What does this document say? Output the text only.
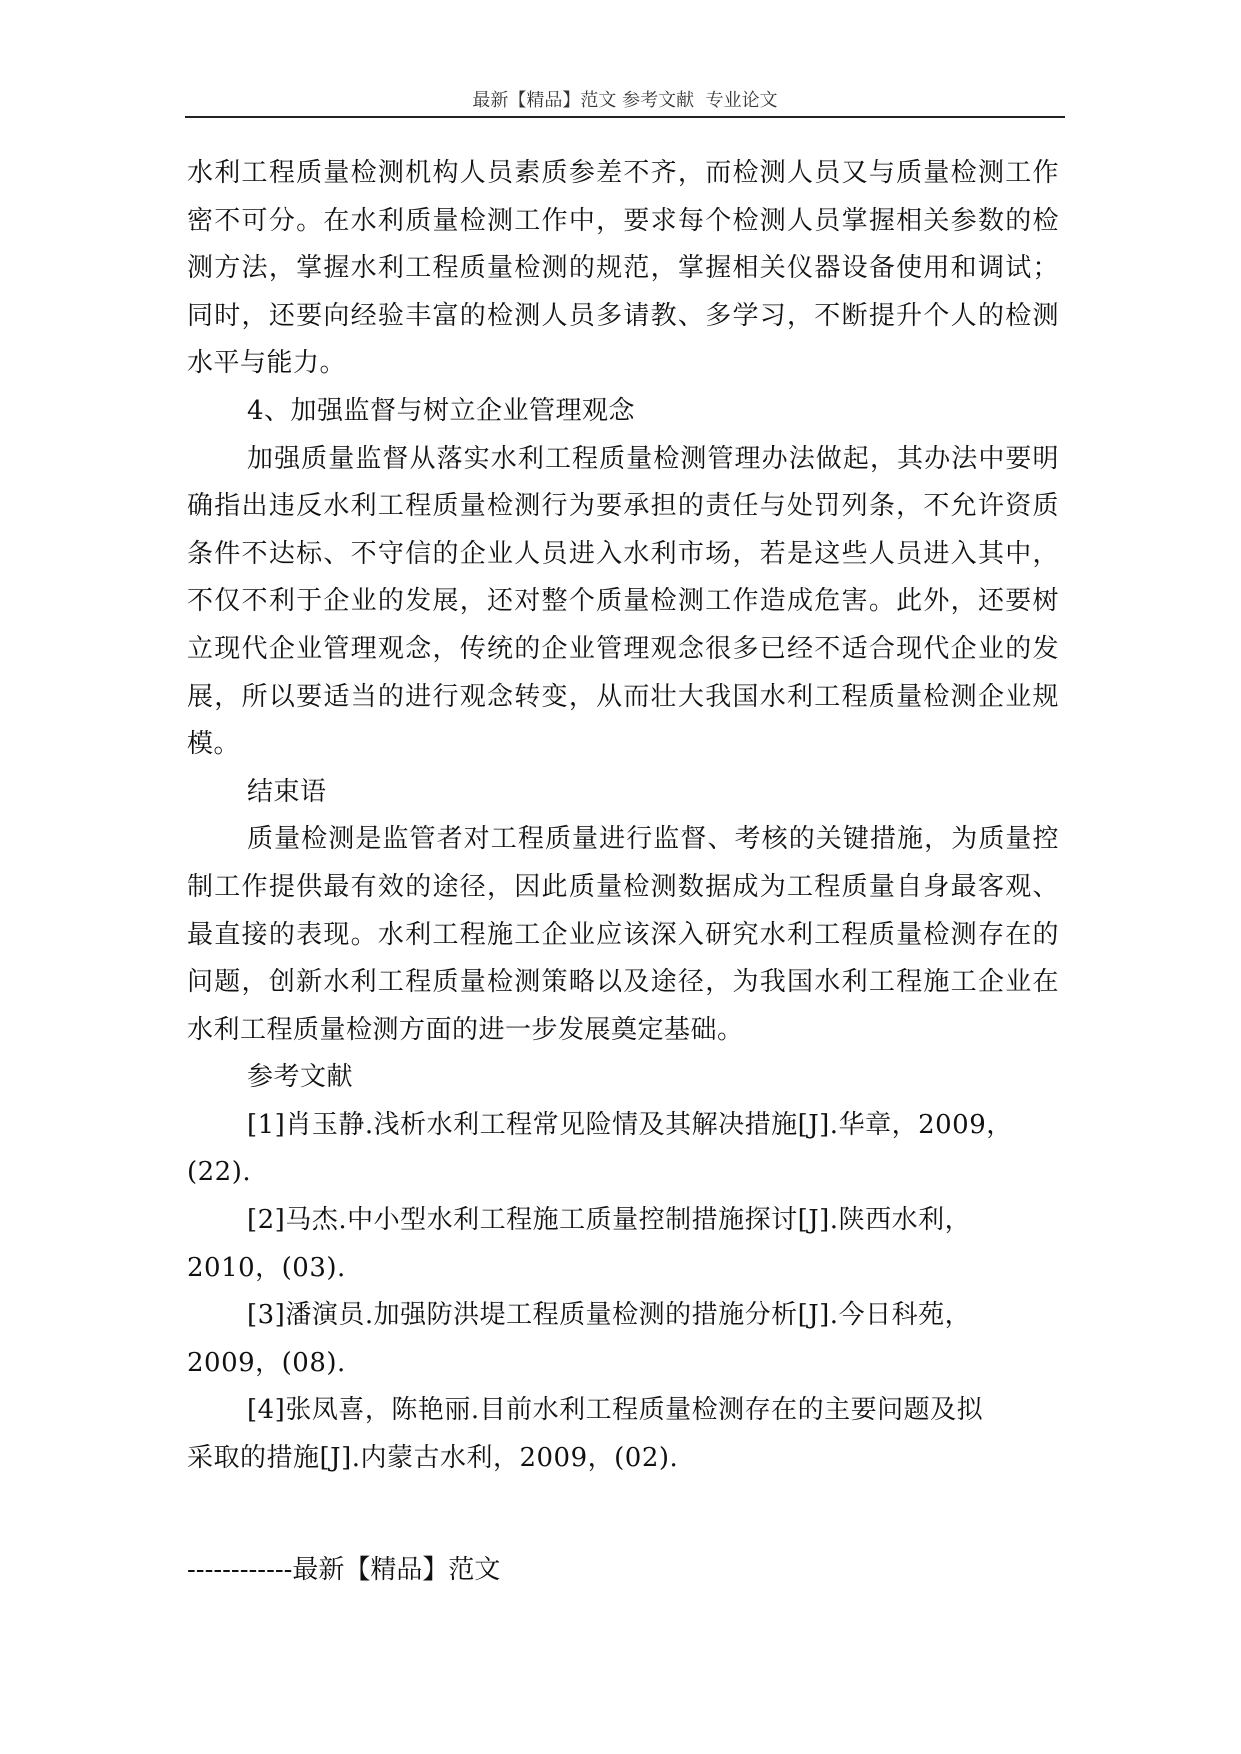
最新【精品】范文 参考文献  专业论文

水利工程质量检测机构人员素质参差不齐，而检测人员又与质量检测工作密不可分。在水利质量检测工作中，要求每个检测人员掌握相关参数的检测方法，掌握水利工程质量检测的规范，掌握相关仪器设备使用和调试；同时，还要向经验丰富的检测人员多请教、多学习，不断提升个人的检测水平与能力。

4、加强监督与树立企业管理观念

加强质量监督从落实水利工程质量检测管理办法做起，其办法中要明确指出违反水利工程质量检测行为要承担的责任与处罚列条，不允许资质条件不达标、不守信的企业人员进入水利市场，若是这些人员进入其中，不仅不利于企业的发展，还对整个质量检测工作造成危害。此外，还要树立现代企业管理观念，传统的企业管理观念很多已经不适合现代企业的发展，所以要适当的进行观念转变，从而壮大我国水利工程质量检测企业规模。

结束语

质量检测是监管者对工程质量进行监督、考核的关键措施，为质量控制工作提供最有效的途径，因此质量检测数据成为工程质量自身最客观、最直接的表现。水利工程施工企业应该深入研究水利工程质量检测存在的问题，创新水利工程质量检测策略以及途径，为我国水利工程施工企业在水利工程质量检测方面的进一步发展奠定基础。

参考文献

[1]肖玉静.浅析水利工程常见险情及其解决措施[J].华章，2009，
(22).
[2]马杰.中小型水利工程施工质量控制措施探讨[J].陕西水利，
2010，(03).
[3]潘演员.加强防洪堤工程质量检测的措施分析[J].今日科苑，
2009，(08).
[4]张凤喜，陈艳丽.目前水利工程质量检测存在的主要问题及拟
采取的措施[J].内蒙古水利，2009，(02).
------------最新【精品】范文
